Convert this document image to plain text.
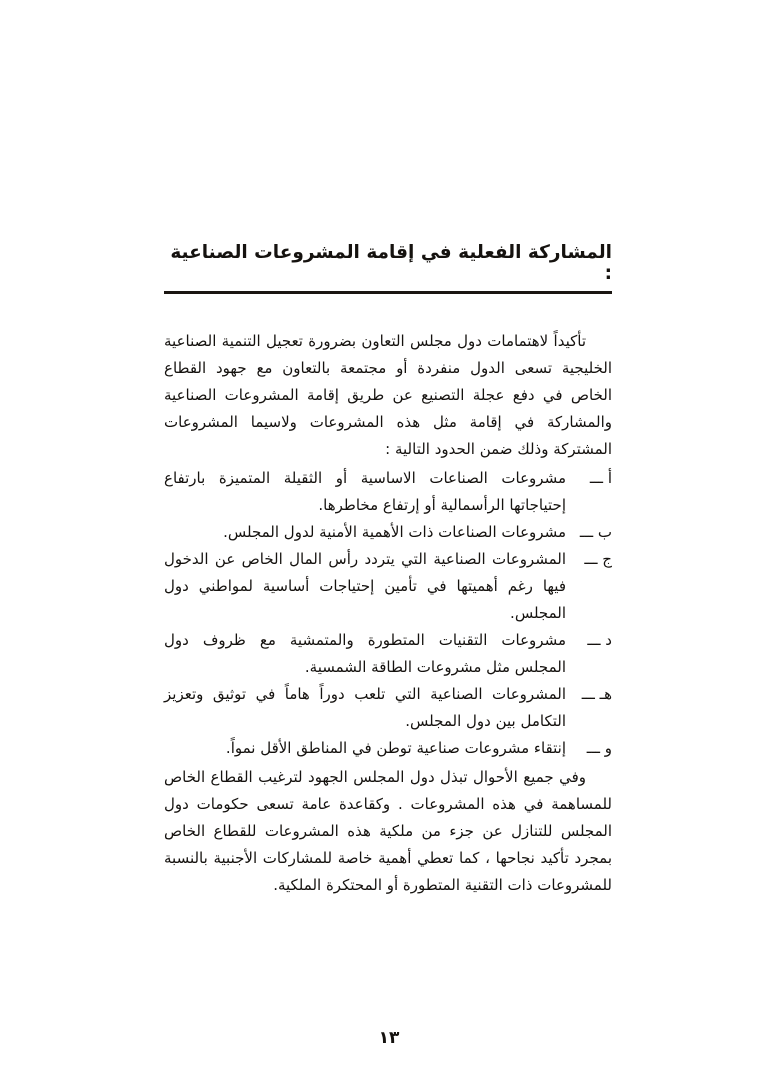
المشاركة الفعلية في إقامة المشروعات الصناعية :

تأكيداً لاهتمامات دول مجلس التعاون بضرورة تعجيل التنمية الصناعية الخليجية تسعى الدول منفردة أو مجتمعة بالتعاون مع جهود القطاع الخاص في دفع عجلة التصنيع عن طريق إقامة المشروعات الصناعية والمشاركة في إقامة مثل هذه المشروعات ولاسيما المشروعات المشتركة وذلك ضمن الحدود التالية :

أ ـــ
مشروعات الصناعات الاساسية أو الثقيلة المتميزة بارتفاع إحتياجاتها الرأسمالية أو إرتفاع مخاطرها.
ب ـــ
مشروعات الصناعات ذات الأهمية الأمنية لدول المجلس.
ج ـــ
المشروعات الصناعية التي يتردد رأس المال الخاص عن الدخول فيها رغم أهميتها في تأمين إحتياجات أساسية لمواطني دول المجلس.
د ـــ
مشروعات التقنيات المتطورة والمتمشية مع ظروف دول المجلس مثل مشروعات الطاقة الشمسية.
هـ ـــ
المشروعات الصناعية التي تلعب دوراً هاماً في توثيق وتعزيز التكامل بين دول المجلس.
و ـــ
إنتقاء مشروعات صناعية توطن في المناطق الأقل نمواً.

وفي جميع الأحوال تبذل دول المجلس الجهود لترغيب القطاع الخاص للمساهمة في هذه المشروعات . وكقاعدة عامة تسعى حكومات دول المجلس للتنازل عن جزء من ملكية هذه المشروعات للقطاع الخاص بمجرد تأكيد نجاحها ، كما تعطي أهمية خاصة للمشاركات الأجنبية بالنسبة للمشروعات ذات التقنية المتطورة أو المحتكرة الملكية.

١٣
